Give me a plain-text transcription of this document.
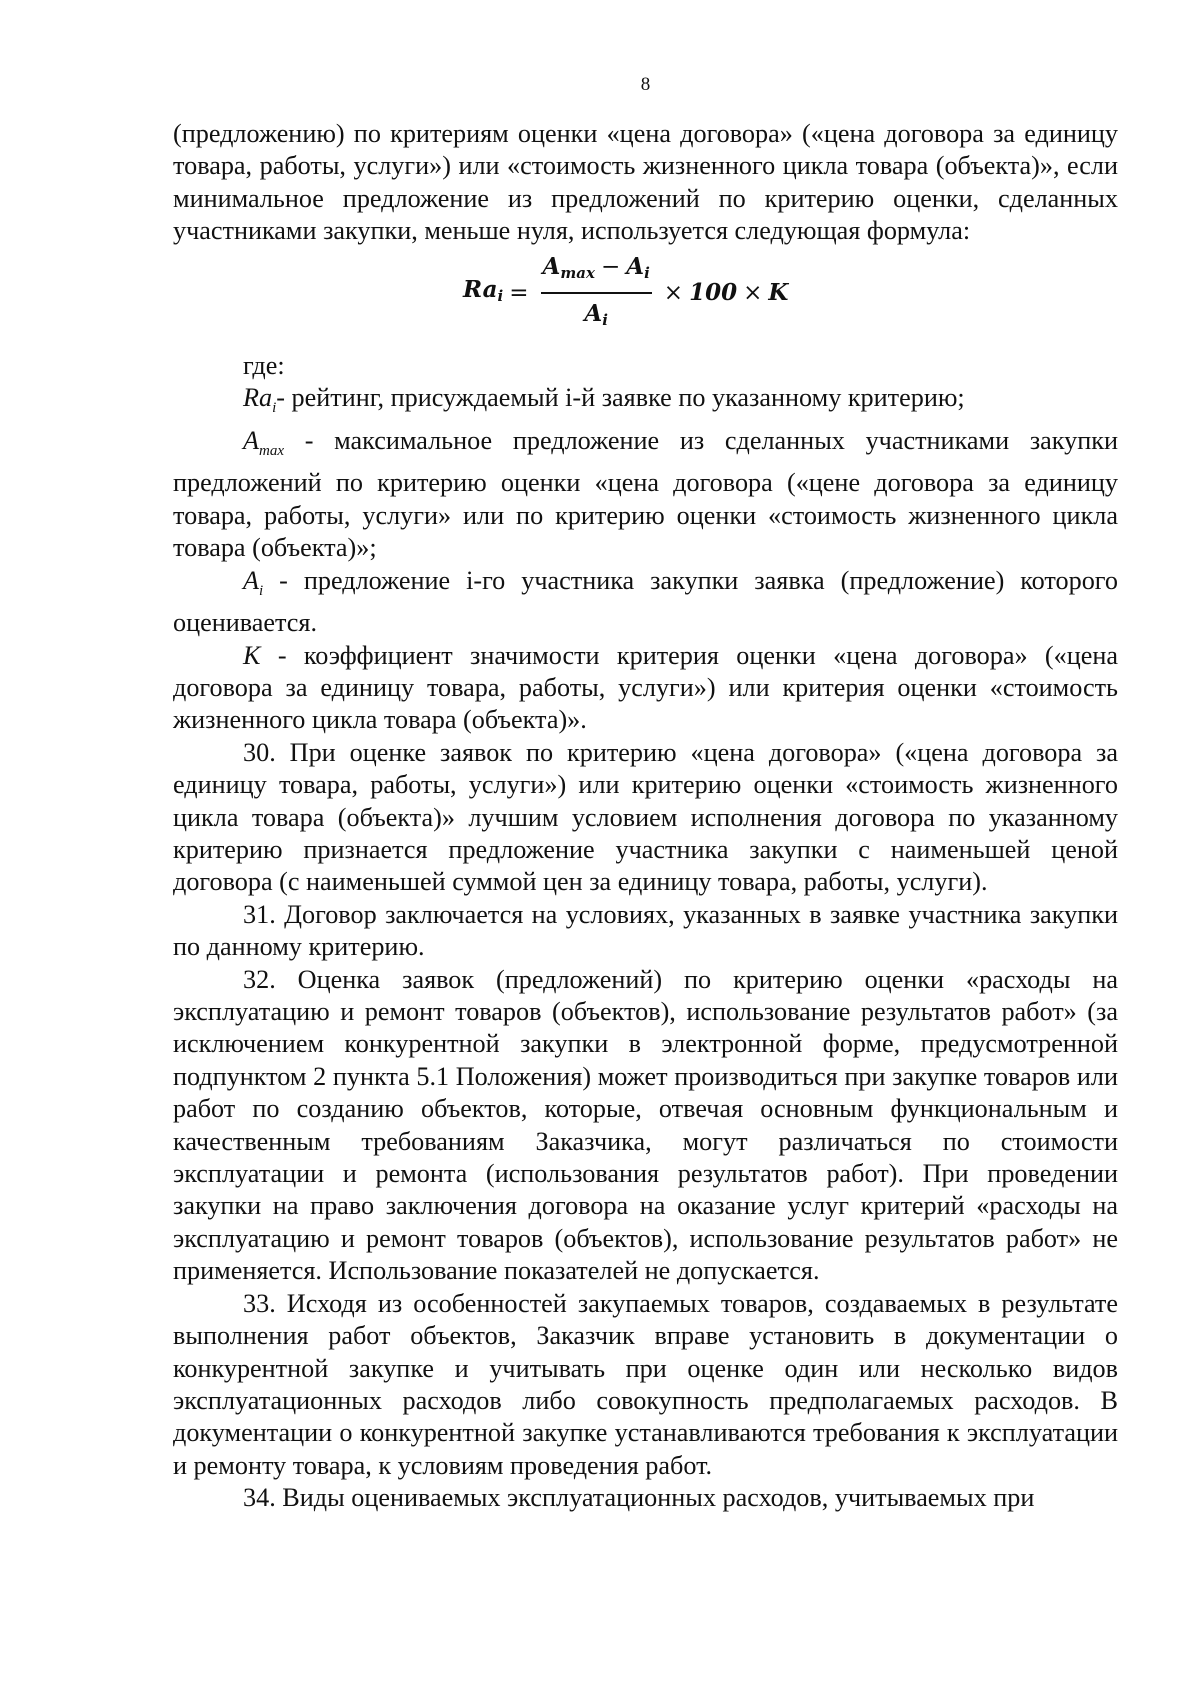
8

(предложению) по критериям оценки «цена договора» («цена договора за единицу товара, работы, услуги») или «стоимость жизненного цикла товара (объекта)», если минимальное предложение из предложений по критерию оценки, сделанных участниками закупки, меньше нуля, используется следующая формула:

$Ra_i = \frac{A_{max} - A_i}{A_i} \times 100 \times K$

где:

$Ra_i-$ рейтинг, присуждаемый i-й заявке по указанному критерию;

$A_{max}$ - максимальное предложение из сделанных участниками закупки предложений по критерию оценки «цена договора («цене договора за единицу товара, работы, услуги» или по критерию оценки «стоимость жизненного цикла товара (объекта)»;

$A_i$ - предложение i-го участника закупки заявка (предложение) которого оценивается.

K - коэффициент значимости критерия оценки «цена договора» («цена договора за единицу товара, работы, услуги») или критерия оценки «стоимость жизненного цикла товара (объекта)».

30. При оценке заявок по критерию «цена договора» («цена договора за единицу товара, работы, услуги») или критерию оценки «стоимость жизненного цикла товара (объекта)» лучшим условием исполнения договора по указанному критерию признается предложение участника закупки с наименьшей ценой договора (с наименьшей суммой цен за единицу товара, работы, услуги).

31. Договор заключается на условиях, указанных в заявке участника закупки по данному критерию.

32. Оценка заявок (предложений) по критерию оценки «расходы на эксплуатацию и ремонт товаров (объектов), использование результатов работ» (за исключением конкурентной закупки в электронной форме, предусмотренной подпунктом 2 пункта 5.1 Положения) может производиться при закупке товаров или работ по созданию объектов, которые, отвечая основным функциональным и качественным требованиям Заказчика, могут различаться по стоимости эксплуатации и ремонта (использования результатов работ). При проведении закупки на право заключения договора на оказание услуг критерий «расходы на эксплуатацию и ремонт товаров (объектов), использование результатов работ» не применяется. Использование показателей не допускается.

33. Исходя из особенностей закупаемых товаров, создаваемых в результате выполнения работ объектов, Заказчик вправе установить в документации о конкурентной закупке и учитывать при оценке один или несколько видов эксплуатационных расходов либо совокупность предполагаемых расходов. В документации о конкурентной закупке устанавливаются требования к эксплуатации и ремонту товара, к условиям проведения работ.

34. Виды оцениваемых эксплуатационных расходов, учитываемых при
